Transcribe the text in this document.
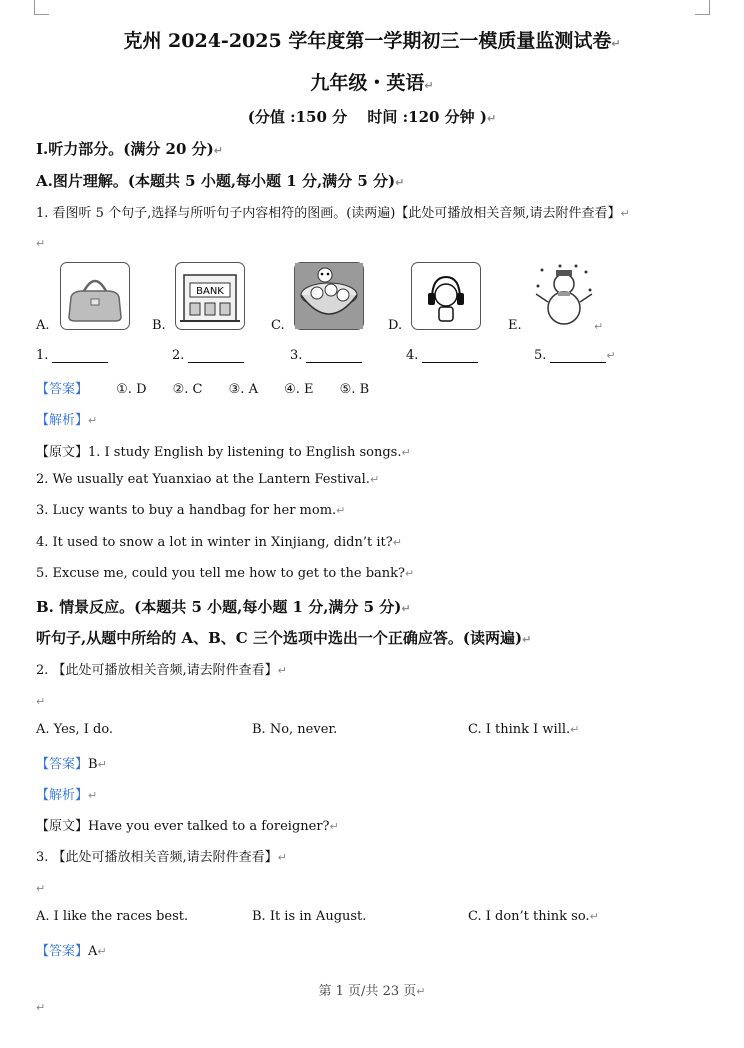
克州 2024-2025 学年度第一学期初三一模质量监测试卷↵
九年级・英语↵
(分值 :150 分　 时间 :120 分钟 )↵
Ⅰ.听力部分。(满分 20 分)↵
A.图片理解。(本题共 5 小题,每小题 1 分,满分 5 分)↵
1. 看图听 5 个句子,选择与所听句子内容相符的图画。(读两遍)【此处可播放相关音频,请去附件查看】↵
↵
A.	B.
BANK
C.	D.	E.	↵
1.	2.	3.	4.	5.	↵
【答案】 ①. D ②. C ③. A ④. E ⑤. B
【解析】↵
【原文】1. I study English by listening to English songs.↵
2. We usually eat Yuanxiao at the Lantern Festival.↵
3. Lucy wants to buy a handbag for her mom.↵
4. It used to snow a lot in winter in Xinjiang, didn’t it?↵
5. Excuse me, could you tell me how to get to the bank?↵
B. 情景反应。(本题共 5 小题,每小题 1 分,满分 5 分)↵
听句子,从题中所给的 A、B、C 三个选项中选出一个正确应答。(读两遍)↵
2. 【此处可播放相关音频,请去附件查看】↵
↵
A. Yes, I do.	B. No, never.	C. I think I will.↵
【答案】B↵
【解析】↵
【原文】Have you ever talked to a foreigner?↵
3. 【此处可播放相关音频,请去附件查看】↵
↵
A. I like the races best.	B. It is in August.	C. I don’t think so.↵
【答案】A↵
第 1 页/共 23 页↵
↵
